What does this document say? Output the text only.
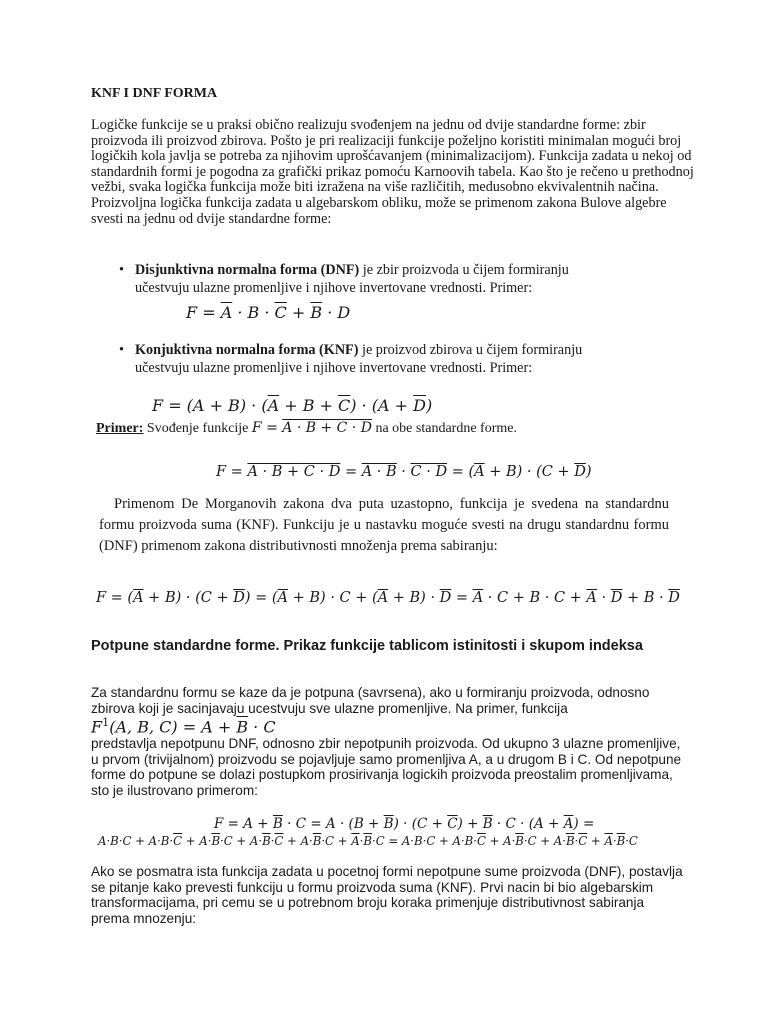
KNF I DNF FORMA

Logičke funkcije se u praksi obično realizuju svođenjem na jednu od dvije standardne forme: zbir proizvoda ili proizvod zbirova. Pošto je pri realizaciji funkcije poželjno koristiti minimalan mogući broj logičkih kola javlja se potreba za njihovim uprošćavanjem (minimalizacijom). Funkcija zadata u nekoj od standardnih formi je pogodna za grafički prikaz pomoću Karnoovih tabela. Kao što je rečeno u prethodnoj vežbi, svaka logička funkcija može biti izražena na više različitih, medusobno ekvivalentnih načina. Proizvoljna logička funkcija zadata u algebarskom obliku, može se primenom zakona Bulove algebre svesti na jednu od dvije standardne forme:

• Disjunktivna normalna forma (DNF) je zbir proizvoda u čijem formiranju učestvuju ulazne promenljive i njihove invertovane vrednosti. Primer:
$F = \overline{A} \cdot B \cdot \overline{C} + \overline{B} \cdot D$
• Konjuktivna normalna forma (KNF) je proizvod zbirova u čijem formiranju učestvuju ulazne promenljive i njihove invertovane vrednosti. Primer:
$F = (A + B) \cdot (\overline{A} + B + \overline{C}) \cdot (A + \overline{D})$
Primer: Svođenje funkcije F = A · B + C · D na obe standardne forme.
$F = A \cdot B + C \cdot D = A \cdot B \cdot C \cdot D = (\overline{A} + B) \cdot (C + \overline{D})$

Primenom De Morganovih zakona dva puta uzastopno, funkcija je svedena na standardnu formu proizvoda suma (KNF). Funkciju je u nastavku moguće svesti na drugu standardnu formu (DNF) primenom zakona distributivnosti množenja prema sabiranju:

$F = (\overline{A} + B) \cdot (C + \overline{D}) = (\overline{A} + B) \cdot C + (\overline{A} + B) \cdot \overline{D} = \overline{A} \cdot C + B \cdot C + \overline{A} \cdot \overline{D} + B \cdot \overline{D}$
Potpune standardne forme. Prikaz funkcije tablicom istinitosti i skupom indeksa

Za standardnu formu se kaze da je potpuna (savrsena), ako u formiranju proizvoda, odnosno zbirova koji je sacinjavaju ucestvuju sve ulazne promenljive. Na primer, funkcija

$F^1(A$, B, $C) = A + \overline{B} \cdot C$

predstavlja nepotpunu DNF, odnosno zbir nepotpunih proizvoda. Od ukupno 3 ulazne promenljive, u prvom (trivijalnom) proizvodu se pojavljuje samo promenljiva A, a u drugom B i C. Od nepotpune forme do potpune se dolazi postupkom prosirivanja logickih proizvoda preostalim promenljivama, sto je ilustrovano primerom:

$F = A + \overline{B} \cdot C = A \cdot (B + \overline{B}) \cdot (C + \overline{C}) + \overline{B} \cdot C \cdot (A + \overline{A})$ =
$A\cdot B\cdot C + A\cdot B\cdot\overline{C} + A\cdot\overline{B}\cdot C + A\cdot\overline{B}\cdot\overline{C} + A\cdot\overline{B}\cdot C + \overline{A}\cdot\overline{B}\cdot C = A\cdot B\cdot C + A\cdot B\cdot\overline{C} + A\cdot\overline{B}\cdot C + A\cdot\overline{B}\cdot\overline{C} + \overline{A}\cdot\overline{B}\cdot C$

Ako se posmatra ista funkcija zadata u pocetnoj formi nepotpune sume proizvoda (DNF), postavlja se pitanje kako prevesti funkciju u formu proizvoda suma (KNF). Prvi nacin bi bio algebarskim transformacijama, pri cemu se u potrebnom broju koraka primenjuje distributivnost sabiranja prema mnozenju:
